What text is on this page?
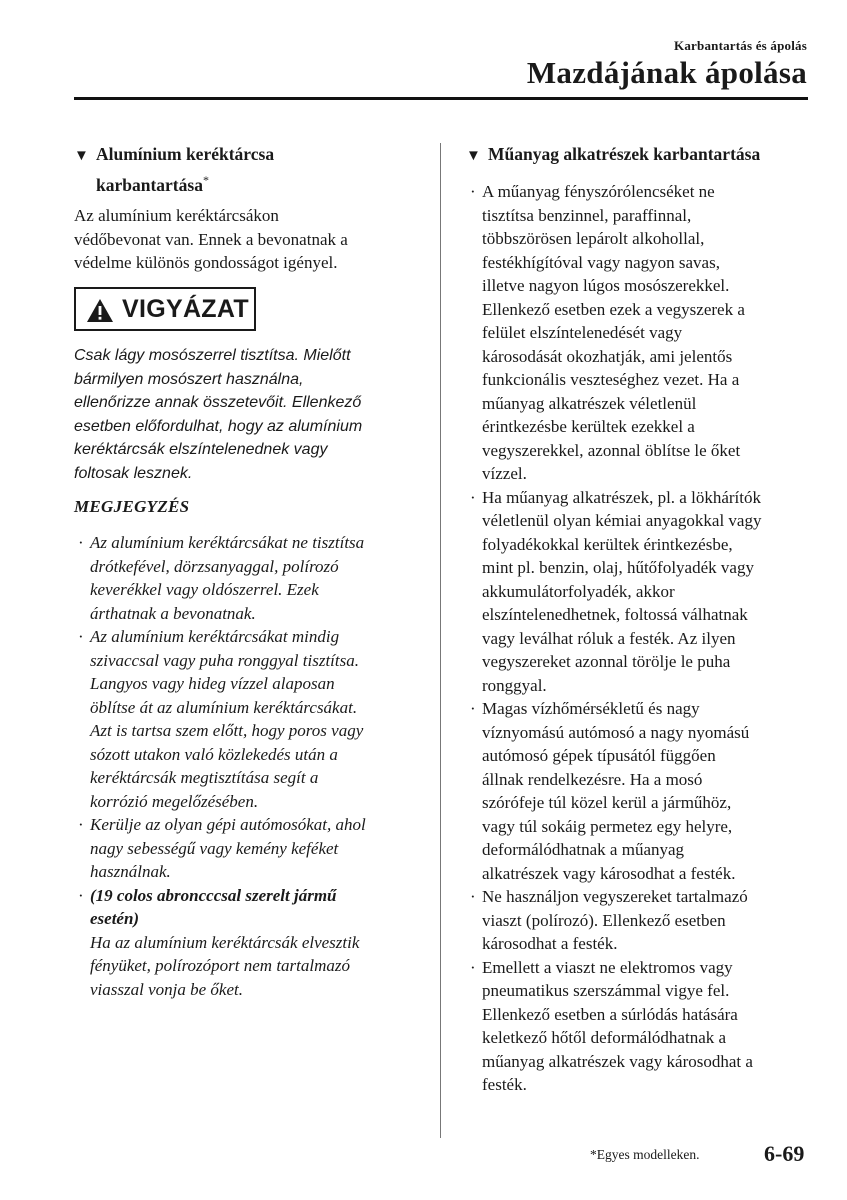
Karbantartás és ápolás
Mazdájának ápolása
▼ Alumínium keréktárcsa
karbantartása*

Az alumínium keréktárcsákon

védőbevonat van. Ennek a bevonatnak a

védelme különös gondosságot igényel.

VIGYÁZAT
Csak lágy mosószerrel tisztítsa. Mielőtt
bármilyen mosószert használna,
ellenőrizze annak összetevőit. Ellenkező
esetben előfordulhat, hogy az alumínium
keréktárcsák elszíntelenednek vagy
foltosak lesznek.
MEGJEGYZÉS
· Az alumínium keréktárcsákat ne tisztítsa
drótkefével, dörzsanyaggal, polírozó
keverékkel vagy oldószerrel. Ezek
árthatnak a bevonatnak.
· Az alumínium keréktárcsákat mindig
szivaccsal vagy puha ronggyal tisztítsa.
Langyos vagy hideg vízzel alaposan
öblítse át az alumínium keréktárcsákat.
Azt is tartsa szem előtt, hogy poros vagy
sózott utakon való közlekedés után a
keréktárcsák megtisztítása segít a
korrózió megelőzésében.
· Kerülje az olyan gépi autómosókat, ahol
nagy sebességű vagy kemény keféket
használnak.
· (19 colos abroncccsal szerelt jármű
esetén)
Ha az alumínium keréktárcsák elvesztik
fényüket, polírozóport nem tartalmazó
viasszal vonja be őket.
▼ Műanyag alkatrészek karbantartása
· A műanyag fényszórólencséket ne
tisztítsa benzinnel, paraffinnal,
többszörösen lepárolt alkohollal,
festékhígítóval vagy nagyon savas,
illetve nagyon lúgos mosószerekkel.
Ellenkező esetben ezek a vegyszerek a
felület elszíntelenedését vagy
károsodását okozhatják, ami jelentős
funkcionális veszteséghez vezet. Ha a
műanyag alkatrészek véletlenül
érintkezésbe kerültek ezekkel a
vegyszerekkel, azonnal öblítse le őket
vízzel.
· Ha műanyag alkatrészek, pl. a lökhárítók
véletlenül olyan kémiai anyagokkal vagy
folyadékokkal kerültek érintkezésbe,
mint pl. benzin, olaj, hűtőfolyadék vagy
akkumulátorfolyadék, akkor
elszíntelenedhetnek, foltossá válhatnak
vagy leválhat róluk a festék. Az ilyen
vegyszereket azonnal törölje le puha
ronggyal.
· Magas vízhőmérsékletű és nagy
víznyomású autómosó a nagy nyomású
autómosó gépek típusától függően
állnak rendelkezésre. Ha a mosó
szórófeje túl közel kerül a járműhöz,
vagy túl sokáig permetez egy helyre,
deformálódhatnak a műanyag
alkatrészek vagy károsodhat a festék.
· Ne használjon vegyszereket tartalmazó
viaszt (polírozó). Ellenkező esetben
károsodhat a festék.
· Emellett a viaszt ne elektromos vagy
pneumatikus szerszámmal vigye fel.
Ellenkező esetben a súrlódás hatására
keletkező hőtől deformálódhatnak a
műanyag alkatrészek vagy károsodhat a
festék.
*Egyes modelleken.	6-69
